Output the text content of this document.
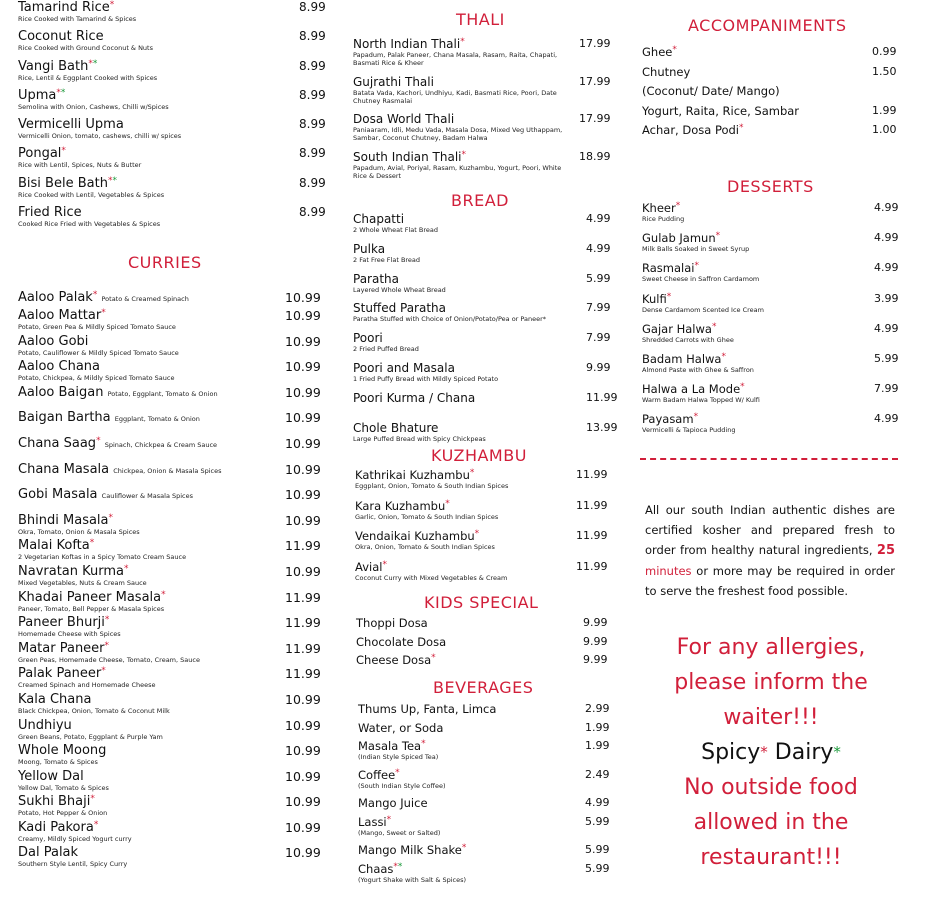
Tamarind Rice*
Rice Cooked with Tamarind & Spices
8.99
Coconut Rice
Rice Cooked with Ground Coconut & Nuts
8.99
Vangi Bath**
Rice, Lentil & Eggplant Cooked with Spices
8.99
Upma**
Semolina with Onion, Cashews, Chilli w/Spices
8.99
Vermicelli Upma
Vermicelli Onion, tomato, cashews, chilli w/ spices
8.99
Pongal*
Rice with Lentil, Spices, Nuts & Butter
8.99
Bisi Bele Bath**
Rice Cooked with Lentil, Vegetables & Spices
8.99
Fried Rice
Cooked Rice Fried with Vegetables & Spices
8.99
CURRIES
Aaloo Palak* Potato & Creamed Spinach	10.99
Aaloo Mattar*
Potato, Green Pea & Mildly Spiced Tomato Sauce
10.99
Aaloo Gobi
Potato, Cauliflower & Mildly Spiced Tomato Sauce
10.99
Aaloo Chana
Potato, Chickpea, & Mildly Spiced Tomato Sauce
10.99
Aaloo Baigan Potato, Eggplant, Tomato & Onion	10.99
Baigan Bartha Eggplant, Tomato & Onion	10.99
Chana Saag* Spinach, Chickpea & Cream Sauce	10.99
Chana Masala Chickpea, Onion & Masala Spices	10.99
Gobi Masala Cauliflower & Masala Spices	10.99
Bhindi Masala*
Okra, Tomato, Onion & Masala Spices
10.99
Malai Kofta*
2 Vegetarian Koftas in a Spicy Tomato Cream Sauce
11.99
Navratan Kurma*
Mixed Vegetables, Nuts & Cream Sauce
10.99
Khadai Paneer Masala*
Paneer, Tomato, Bell Pepper & Masala Spices
11.99
Paneer Bhurji*
Homemade Cheese with Spices
11.99
Matar Paneer*
Green Peas, Homemade Cheese, Tomato, Cream, Sauce
11.99
Palak Paneer*
Creamed Spinach and Homemade Cheese
11.99
Kala Chana
Black Chickpea, Onion, Tomato & Coconut Milk
10.99
Undhiyu
Green Beans, Potato, Eggplant & Purple Yam
10.99
Whole Moong
Moong, Tomato & Spices
10.99
Yellow Dal
Yellow Dal, Tomato & Spices
10.99
Sukhi Bhaji*
Potato, Hot Pepper & Onion
10.99
Kadi Pakora*
Creamy, Mildly Spiced Yogurt curry
10.99
Dal Palak
Southern Style Lentil, Spicy Curry
10.99
THALI
North Indian Thali*
Papadum, Palak Paneer, Chana Masala, Rasam, Raita, Chapati,
Basmati Rice & Kheer
17.99
Gujrathi Thali
Batata Vada, Kachori, Undhiyu, Kadi, Basmati Rice, Poori, Date
Chutney Rasmalai
17.99
Dosa World Thali
Paniaaram, Idli, Medu Vada, Masala Dosa, Mixed Veg Uthappam,
Sambar, Coconut Chutney, Badam Halwa
17.99
South Indian Thali*
Papadum, Avial, Poriyal, Rasam, Kuzhambu, Yogurt, Poori, White
Rice & Dessert
18.99
BREAD
Chapatti
2 Whole Wheat Flat Bread
4.99
Pulka
2 Fat Free Flat Bread
4.99
Paratha
Layered Whole Wheat Bread
5.99
Stuffed Paratha
Paratha Stuffed with Choice of Onion/Potato/Pea or Paneer*
7.99
Poori
2 Fried Puffed Bread
7.99
Poori and Masala
1 Fried Puffy Bread with Mildly Spiced Potato
9.99
Poori Kurma / Chana	11.99
Chole Bhature
Large Puffed Bread with Spicy Chickpeas
13.99
KUZHAMBU
Kathrikai Kuzhambu*
Eggplant, Onion, Tomato & South Indian Spices
11.99
Kara Kuzhambu*
Garlic, Onion, Tomato & South Indian Spices
11.99
Vendaikai Kuzhambu*
Okra, Onion, Tomato & South Indian Spices
11.99
Avial*
Coconut Curry with Mixed Vegetables & Cream
11.99
KIDS SPECIAL
Thoppi Dosa	9.99
Chocolate Dosa	9.99
Cheese Dosa*	9.99
BEVERAGES
Thums Up, Fanta, Limca	2.99
Water, or Soda	1.99
Masala Tea*
(Indian Style Spiced Tea)
1.99
Coffee*
(South Indian Style Coffee)
2.49
Mango Juice	4.99
Lassi*
(Mango, Sweet or Salted)
5.99
Mango Milk Shake*	5.99
Chaas**
(Yogurt Shake with Salt & Spices)
5.99
ACCOMPANIMENTS
Ghee*	0.99
Chutney	1.50
(Coconut/ Date/ Mango)
Yogurt, Raita, Rice, Sambar	1.99
Achar, Dosa Podi*	1.00
DESSERTS
Kheer*
Rice Pudding
4.99
Gulab Jamun*
Milk Balls Soaked in Sweet Syrup
4.99
Rasmalai*
Sweet Cheese in Saffron Cardamom
4.99
Kulfi*
Dense Cardamom Scented Ice Cream
3.99
Gajar Halwa*
Shredded Carrots with Ghee
4.99
Badam Halwa*
Almond Paste with Ghee & Saffron
5.99
Halwa a La Mode*
Warm Badam Halwa Topped W/ Kulfi
7.99
Payasam*
Vermicelli & Tapioca Pudding
4.99
All our south Indian authentic dishes are certified kosher and prepared fresh to order from healthy natural ingredients, 25 minutes or more may be required in order to serve the freshest food possible.
For any allergies,
please inform the
waiter!!!
Spicy* Dairy*
No outside food
allowed in the
restaurant!!!
